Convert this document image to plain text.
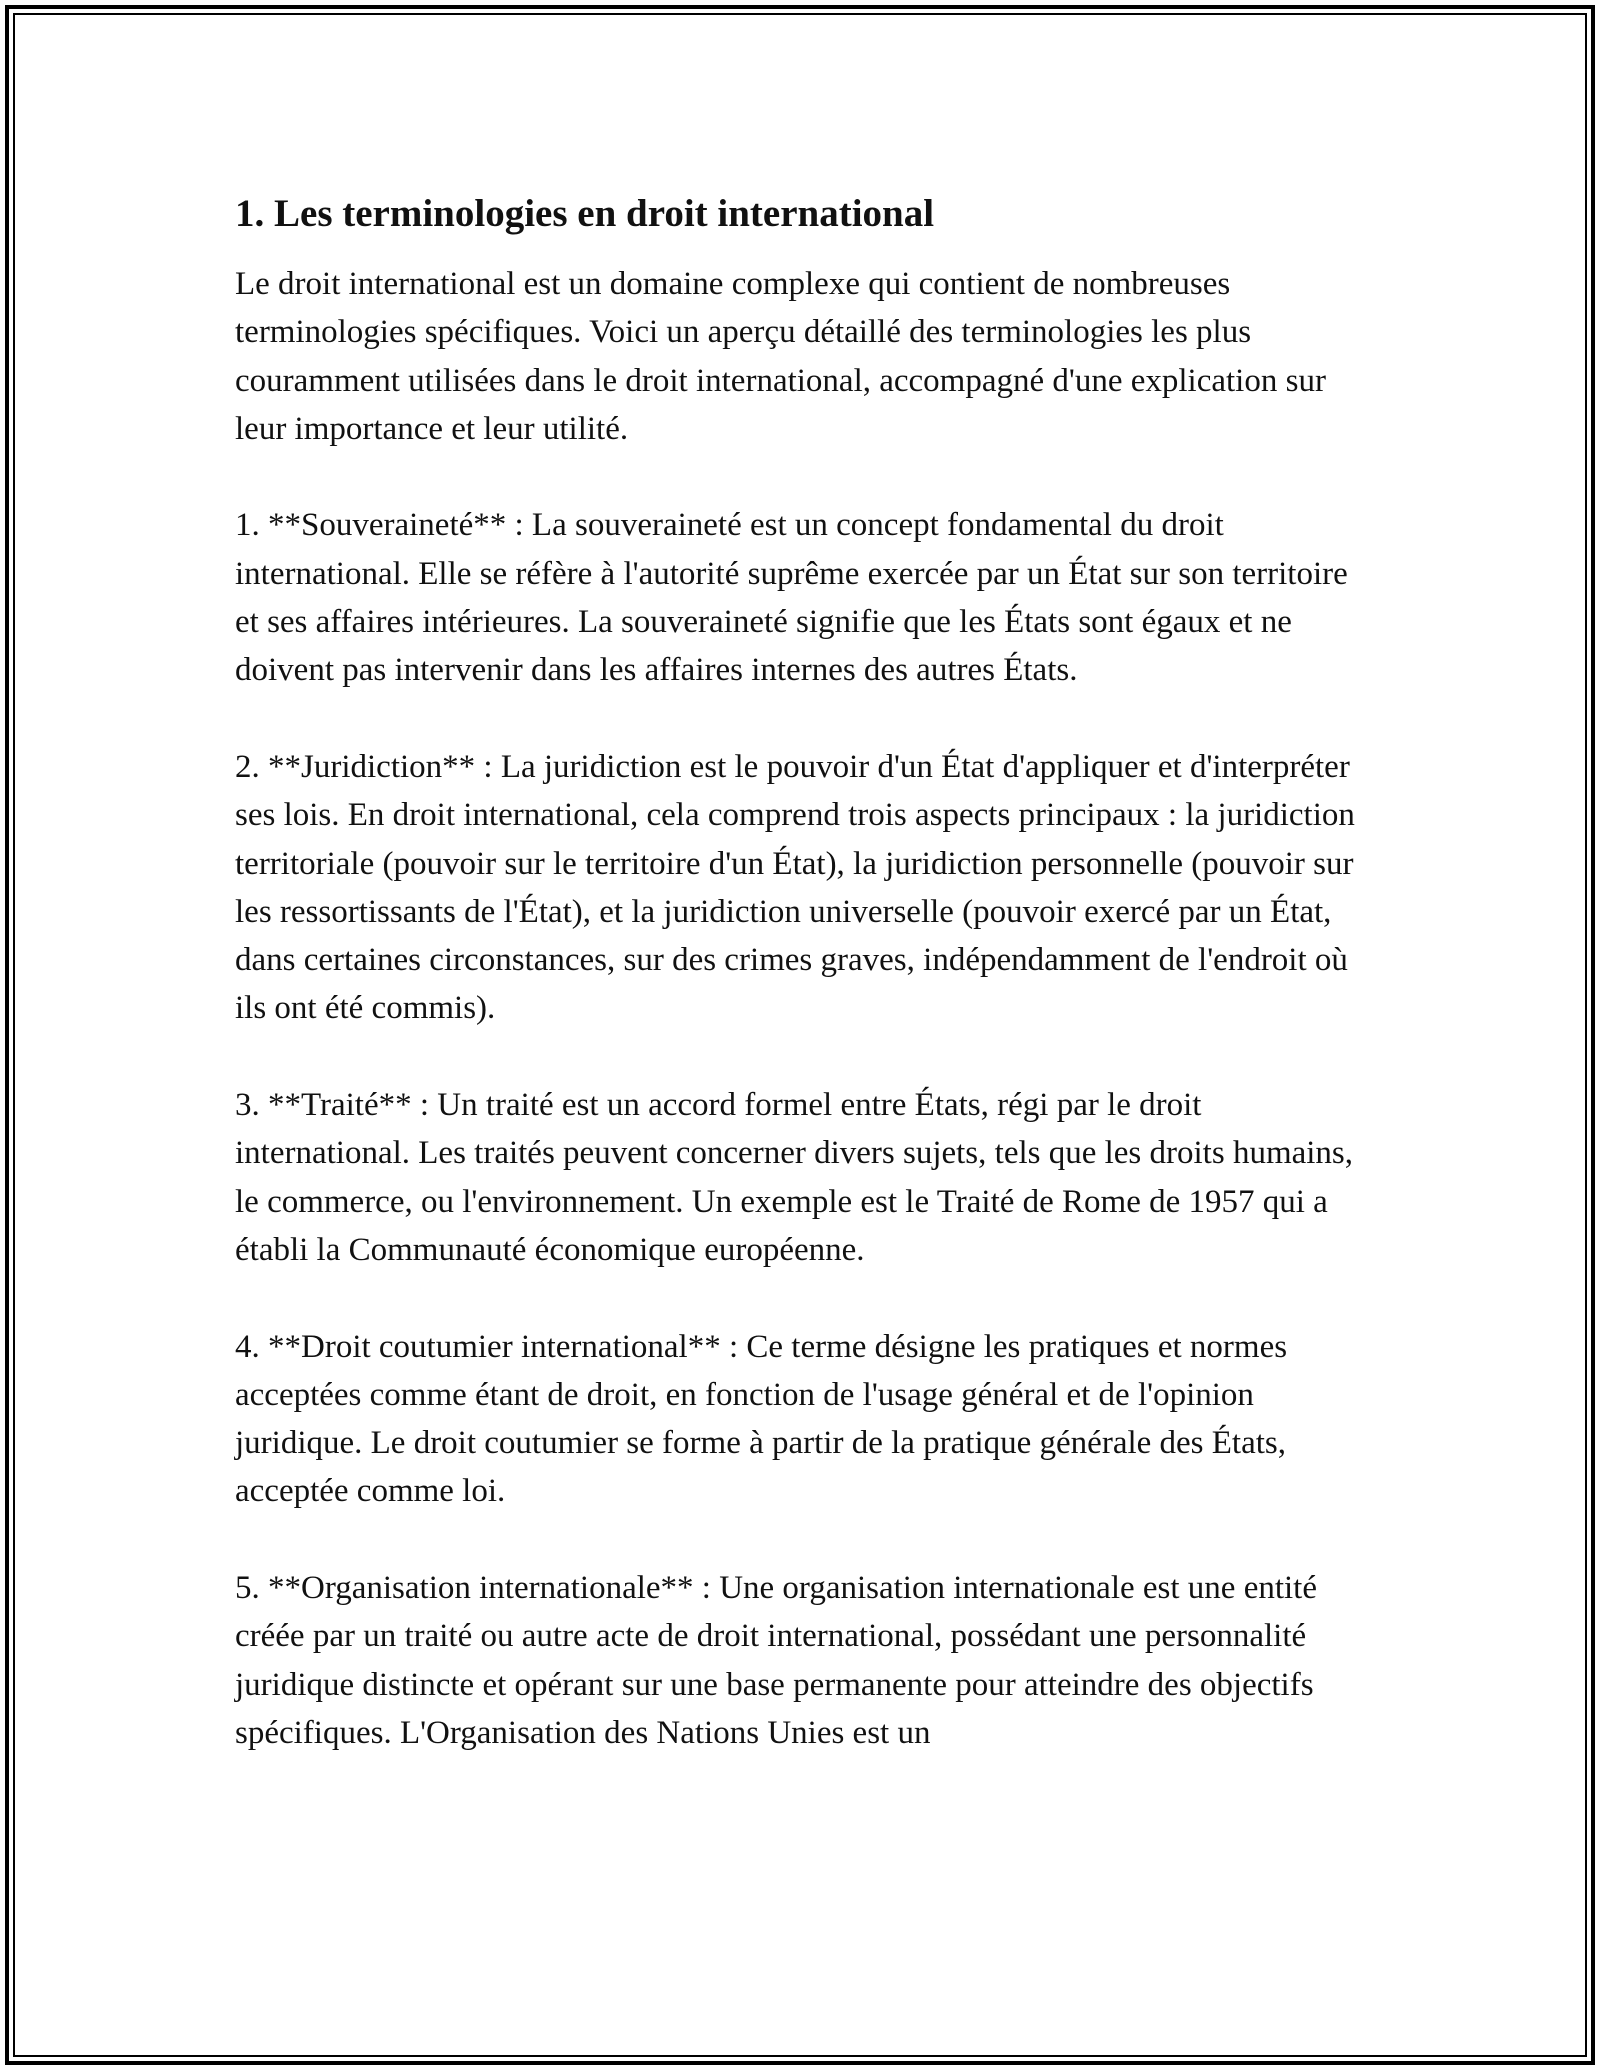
1. Les terminologies en droit international

Le droit international est un domaine complexe qui contient de nombreuses terminologies spécifiques. Voici un aperçu détaillé des terminologies les plus couramment utilisées dans le droit international, accompagné d'une explication sur leur importance et leur utilité.

1. **Souveraineté** : La souveraineté est un concept fondamental du droit international. Elle se réfère à l'autorité suprême exercée par un État sur son territoire et ses affaires intérieures. La souveraineté signifie que les États sont égaux et ne doivent pas intervenir dans les affaires internes des autres États.

2. **Juridiction** : La juridiction est le pouvoir d'un État d'appliquer et d'interpréter ses lois. En droit international, cela comprend trois aspects principaux : la juridiction territoriale (pouvoir sur le territoire d'un État), la juridiction personnelle (pouvoir sur les ressortissants de l'État), et la juridiction universelle (pouvoir exercé par un État, dans certaines circonstances, sur des crimes graves, indépendamment de l'endroit où ils ont été commis).

3. **Traité** : Un traité est un accord formel entre États, régi par le droit international. Les traités peuvent concerner divers sujets, tels que les droits humains, le commerce, ou l'environnement. Un exemple est le Traité de Rome de 1957 qui a établi la Communauté économique européenne.

4. **Droit coutumier international** : Ce terme désigne les pratiques et normes acceptées comme étant de droit, en fonction de l'usage général et de l'opinion juridique. Le droit coutumier se forme à partir de la pratique générale des États, acceptée comme loi.

5. **Organisation internationale** : Une organisation internationale est une entité créée par un traité ou autre acte de droit international, possédant une personnalité juridique distincte et opérant sur une base permanente pour atteindre des objectifs spécifiques. L'Organisation des Nations Unies est un
